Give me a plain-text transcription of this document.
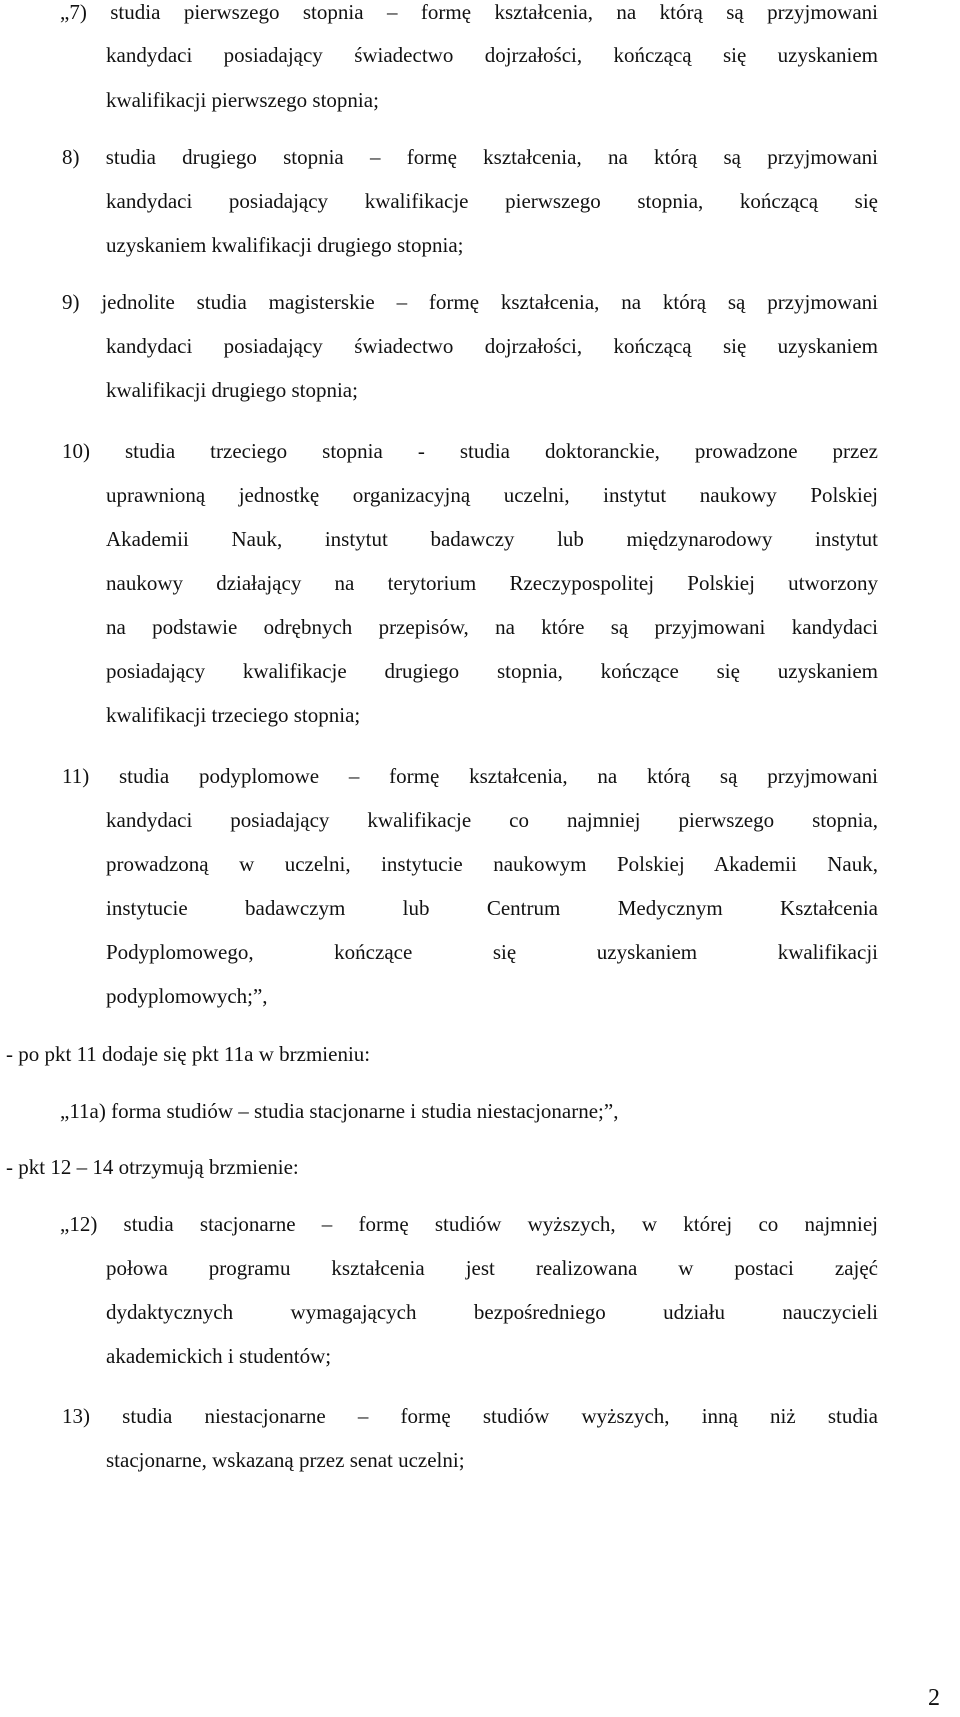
„7) studia pierwszego stopnia – formę kształcenia, na którą są przyjmowani
kandydaci posiadający świadectwo dojrzałości, kończącą się uzyskaniem
kwalifikacji pierwszego stopnia;
8) studia drugiego stopnia – formę kształcenia, na którą są przyjmowani
kandydaci posiadający kwalifikacje pierwszego stopnia, kończącą się
uzyskaniem kwalifikacji drugiego stopnia;
9) jednolite studia magisterskie – formę kształcenia, na którą są przyjmowani
kandydaci posiadający świadectwo dojrzałości, kończącą się uzyskaniem
kwalifikacji drugiego stopnia;
10) studia trzeciego stopnia - studia doktoranckie, prowadzone przez
uprawnioną jednostkę organizacyjną uczelni, instytut naukowy Polskiej
Akademii Nauk, instytut badawczy lub międzynarodowy instytut
naukowy działający na terytorium Rzeczypospolitej Polskiej utworzony
na podstawie odrębnych przepisów, na które są przyjmowani kandydaci
posiadający kwalifikacje drugiego stopnia, kończące się uzyskaniem
kwalifikacji trzeciego stopnia;
11) studia podyplomowe – formę kształcenia, na którą są przyjmowani
kandydaci posiadający kwalifikacje co najmniej pierwszego stopnia,
prowadzoną w uczelni, instytucie naukowym Polskiej Akademii Nauk,
instytucie badawczym lub Centrum Medycznym Kształcenia
Podyplomowego, kończące się uzyskaniem kwalifikacji
podyplomowych;”,
- po pkt 11 dodaje się pkt 11a w brzmieniu:
„11a) forma studiów – studia stacjonarne i studia niestacjonarne;”,
- pkt 12 – 14 otrzymują brzmienie:
„12) studia stacjonarne – formę studiów wyższych, w której co najmniej
połowa programu kształcenia jest realizowana w postaci zajęć
dydaktycznych wymagających bezpośredniego udziału nauczycieli
akademickich i studentów;
13) studia niestacjonarne – formę studiów wyższych, inną niż studia
stacjonarne, wskazaną przez senat uczelni;
2
